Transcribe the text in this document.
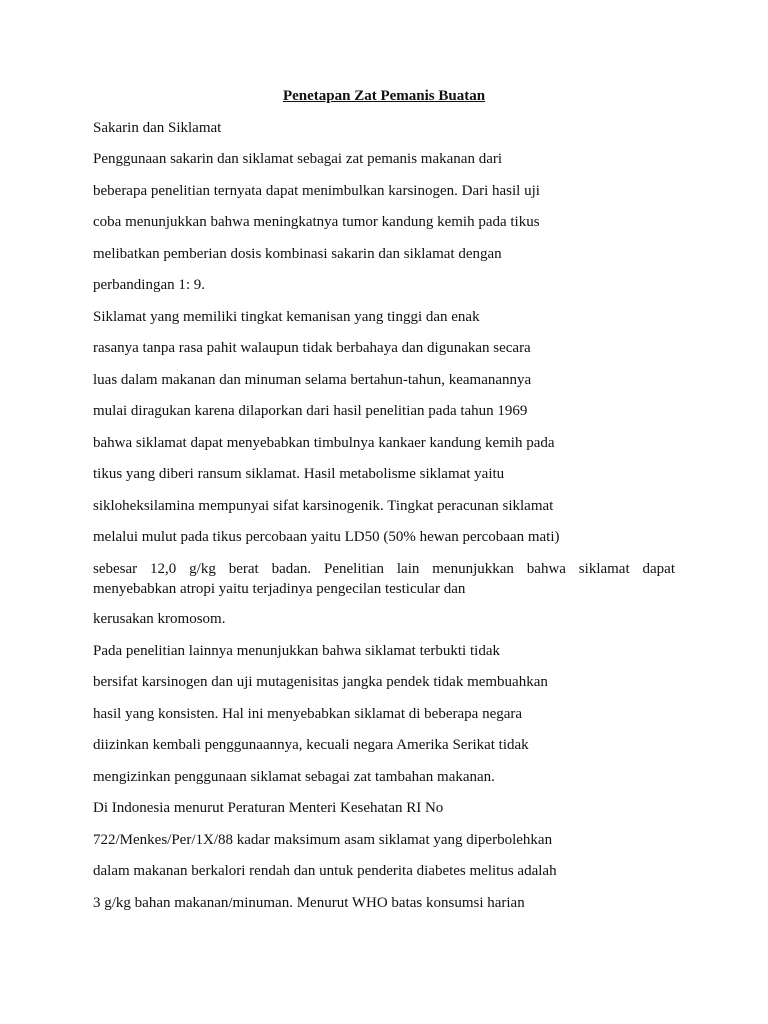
Penetapan Zat Pemanis Buatan
Sakarin dan Siklamat
Penggunaan sakarin dan siklamat sebagai zat pemanis makanan dari
beberapa penelitian ternyata dapat menimbulkan karsinogen. Dari hasil uji
coba menunjukkan bahwa meningkatnya tumor kandung kemih pada tikus
melibatkan pemberian dosis kombinasi sakarin dan siklamat dengan
perbandingan 1: 9.
Siklamat yang memiliki tingkat kemanisan yang tinggi dan enak
rasanya tanpa rasa pahit walaupun tidak berbahaya dan digunakan secara
luas dalam makanan dan minuman selama bertahun-tahun, keamanannya
mulai diragukan karena dilaporkan dari hasil penelitian pada tahun 1969
bahwa siklamat dapat menyebabkan timbulnya kankaer kandung kemih pada
tikus yang diberi ransum siklamat. Hasil metabolisme siklamat yaitu
sikloheksilamina mempunyai sifat karsinogenik. Tingkat peracunan siklamat
melalui mulut pada tikus percobaan yaitu LD50 (50% hewan percobaan mati)
sebesar 12,0 g/kg berat badan. Penelitian lain menunjukkan bahwa siklamat dapat
menyebabkan atropi yaitu terjadinya pengecilan testicular dan
kerusakan kromosom.
Pada penelitian lainnya menunjukkan bahwa siklamat terbukti tidak
bersifat karsinogen dan uji mutagenisitas jangka pendek tidak membuahkan
hasil yang konsisten. Hal ini menyebabkan siklamat di beberapa negara
diizinkan kembali penggunaannya, kecuali negara Amerika Serikat tidak
mengizinkan penggunaan siklamat sebagai zat tambahan makanan.
Di Indonesia menurut Peraturan Menteri Kesehatan RI No
722/Menkes/Per/1X/88 kadar maksimum asam siklamat yang diperbolehkan
dalam makanan berkalori rendah dan untuk penderita diabetes melitus adalah
3 g/kg bahan makanan/minuman. Menurut WHO batas konsumsi harian
